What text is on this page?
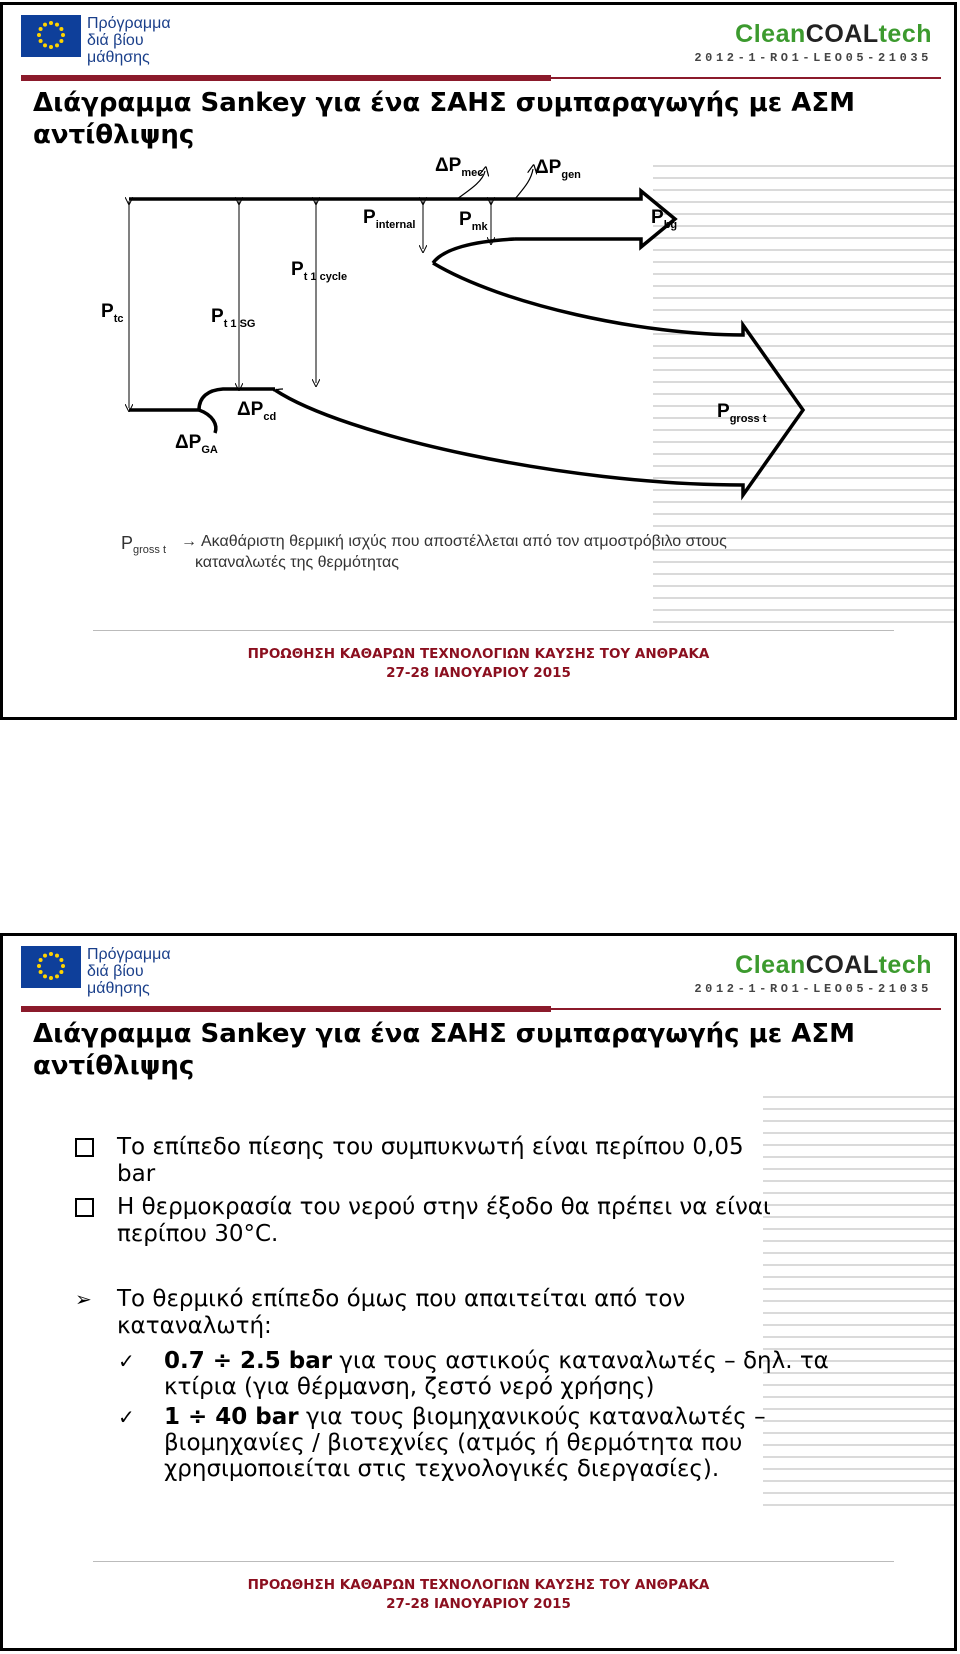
Πρόγραμμα
διά βίου
μάθησης
CleanCOALtech
2012-1-RO1-LEO05-21035
Διάγραμμα Sankey για ένα ΣΑΗΣ συμπαραγωγής με ΑΣΜ
αντίθλιψης
$P_{tc}$	$P_{t 1 SG}$
$P_{t 1 cycle}$
$P_{internal}$ $P_{mk}$
$\Delta P_{mec}$	$\Delta P_{gen}$
$P_{bg}$
$P_{gross t}$
$\Delta P_{cd}$
$\Delta P_{GA}$
$P_{gross t} \to A\kappa\alpha\theta ά\rho\iota\sigma\tau\eta$ θερμική ισχύς που αποστέλλεται από τον ατμοστρόβιλο στους
καταναλωτές της θερμότητας
ΠΡΟΩΘΗΣΗ ΚΑΘΑΡΩΝ ΤΕΧΝΟΛΟΓΙΩΝ ΚΑΥΣΗΣ ΤΟΥ ΑΝΘΡΑΚΑ
27-28 ΙΑΝΟΥΑΡΙΟΥ 2015
Πρόγραμμα
διά βίου
μάθησης
CleanCOALtech
2012-1-RO1-LEO05-21035
Διάγραμμα Sankey για ένα ΣΑΗΣ συμπαραγωγής με ΑΣΜ
αντίθλιψης
Το επίπεδο πίεσης του συμπυκνωτή είναι περίπου 0,05
bar
Η θερμοκρασία του νερού στην έξοδο θα πρέπει να είναι
περίπου 30°C.
➢ Το θερμικό επίπεδο όμως που απαιτείται από τον
καταναλωτή:
✓ 0.7 ÷ 2.5 bar για τους αστικούς καταναλωτές – δηλ. τα
κτίρια (για θέρμανση, ζεστό νερό χρήσης)
✓ 1 ÷ 40 bar για τους βιομηχανικούς καταναλωτές –
βιομηχανίες / βιοτεχνίες (ατμός ή θερμότητα που
χρησιμοποιείται στις τεχνολογικές διεργασίες).
ΠΡΟΩΘΗΣΗ ΚΑΘΑΡΩΝ ΤΕΧΝΟΛΟΓΙΩΝ ΚΑΥΣΗΣ ΤΟΥ ΑΝΘΡΑΚΑ
27-28 ΙΑΝΟΥΑΡΙΟΥ 2015
